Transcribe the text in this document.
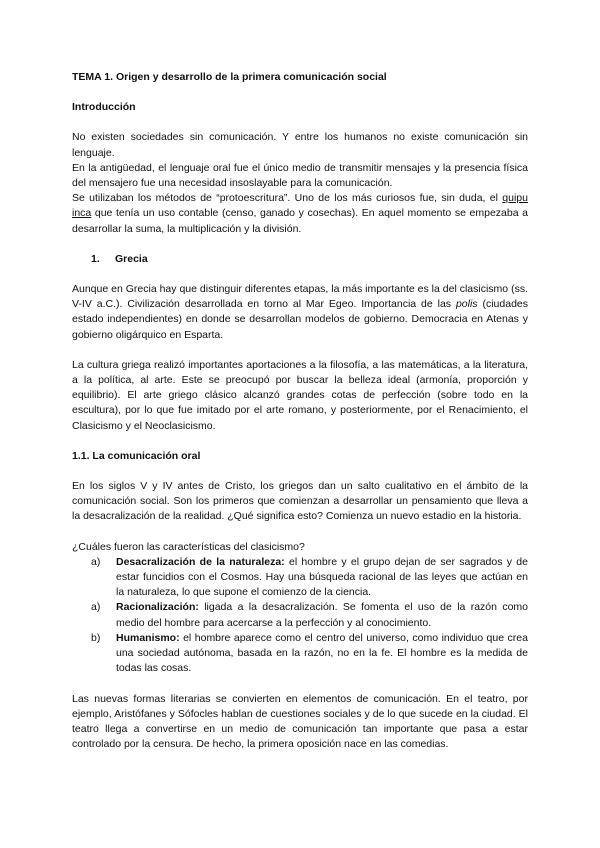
TEMA 1. Origen y desarrollo de la primera comunicación social

Introducción

No existen sociedades sin comunicación. Y entre los humanos no existe comunicación sin lenguaje.

En la antigüedad, el lenguaje oral fue el único medio de transmitir mensajes y la presencia física del mensajero fue una necesidad insoslayable para la comunicación.

Se utilizaban los métodos de “protoescritura”. Uno de los más curiosos fue, sin duda, el quipu inca que tenía un uso contable (censo, ganado y cosechas). En aquel momento se empezaba a desarrollar la suma, la multiplicación y la división.

1. Grecia

Aunque en Grecia hay que distinguir diferentes etapas, la más importante es la del clasicismo (ss. V-IV a.C.). Civilización desarrollada en torno al Mar Egeo. Importancia de las polis (ciudades estado independientes) en donde se desarrollan modelos de gobierno. Democracia en Atenas y gobierno oligárquico en Esparta.

La cultura griega realizó importantes aportaciones a la filosofía, a las matemáticas, a la literatura, a la política, al arte. Este se preocupó por buscar la belleza ideal (armonía, proporción y equilibrio). El arte griego clásico alcanzó grandes cotas de perfección (sobre todo en la escultura), por lo que fue imitado por el arte romano, y posteriormente, por el Renacimiento, el Clasicismo y el Neoclasicismo.

1.1. La comunicación oral

En los siglos V y IV antes de Cristo, los griegos dan un salto cualitativo en el ámbito de la comunicación social. Son los primeros que comienzan a desarrollar un pensamiento que lleva a la desacralización de la realidad. ¿Qué significa esto? Comienza un nuevo estadio en la historia.

¿Cuáles fueron las características del clasicismo?

a)	Desacralización de la naturaleza: el hombre y el grupo dejan de ser sagrados y de estar funcidios con el Cosmos. Hay una búsqueda racional de las leyes que actúan en la naturaleza, lo que supone el comienzo de la ciencia.
a)	Racionalización: ligada a la desacralización. Se fomenta el uso de la razón como medio del hombre para acercarse a la perfección y al conocimiento.
b)	Humanismo: el hombre aparece como el centro del universo, como individuo que crea una sociedad autónoma, basada en la razón, no en la fe. El hombre es la medida de todas las cosas.

Las nuevas formas literarias se convierten en elementos de comunicación. En el teatro, por ejemplo, Aristófanes y Sófocles hablan de cuestiones sociales y de lo que sucede en la ciudad. El teatro llega a convertirse en un medio de comunicación tan importante que pasa a estar controlado por la censura. De hecho, la primera oposición nace en las comedias.
